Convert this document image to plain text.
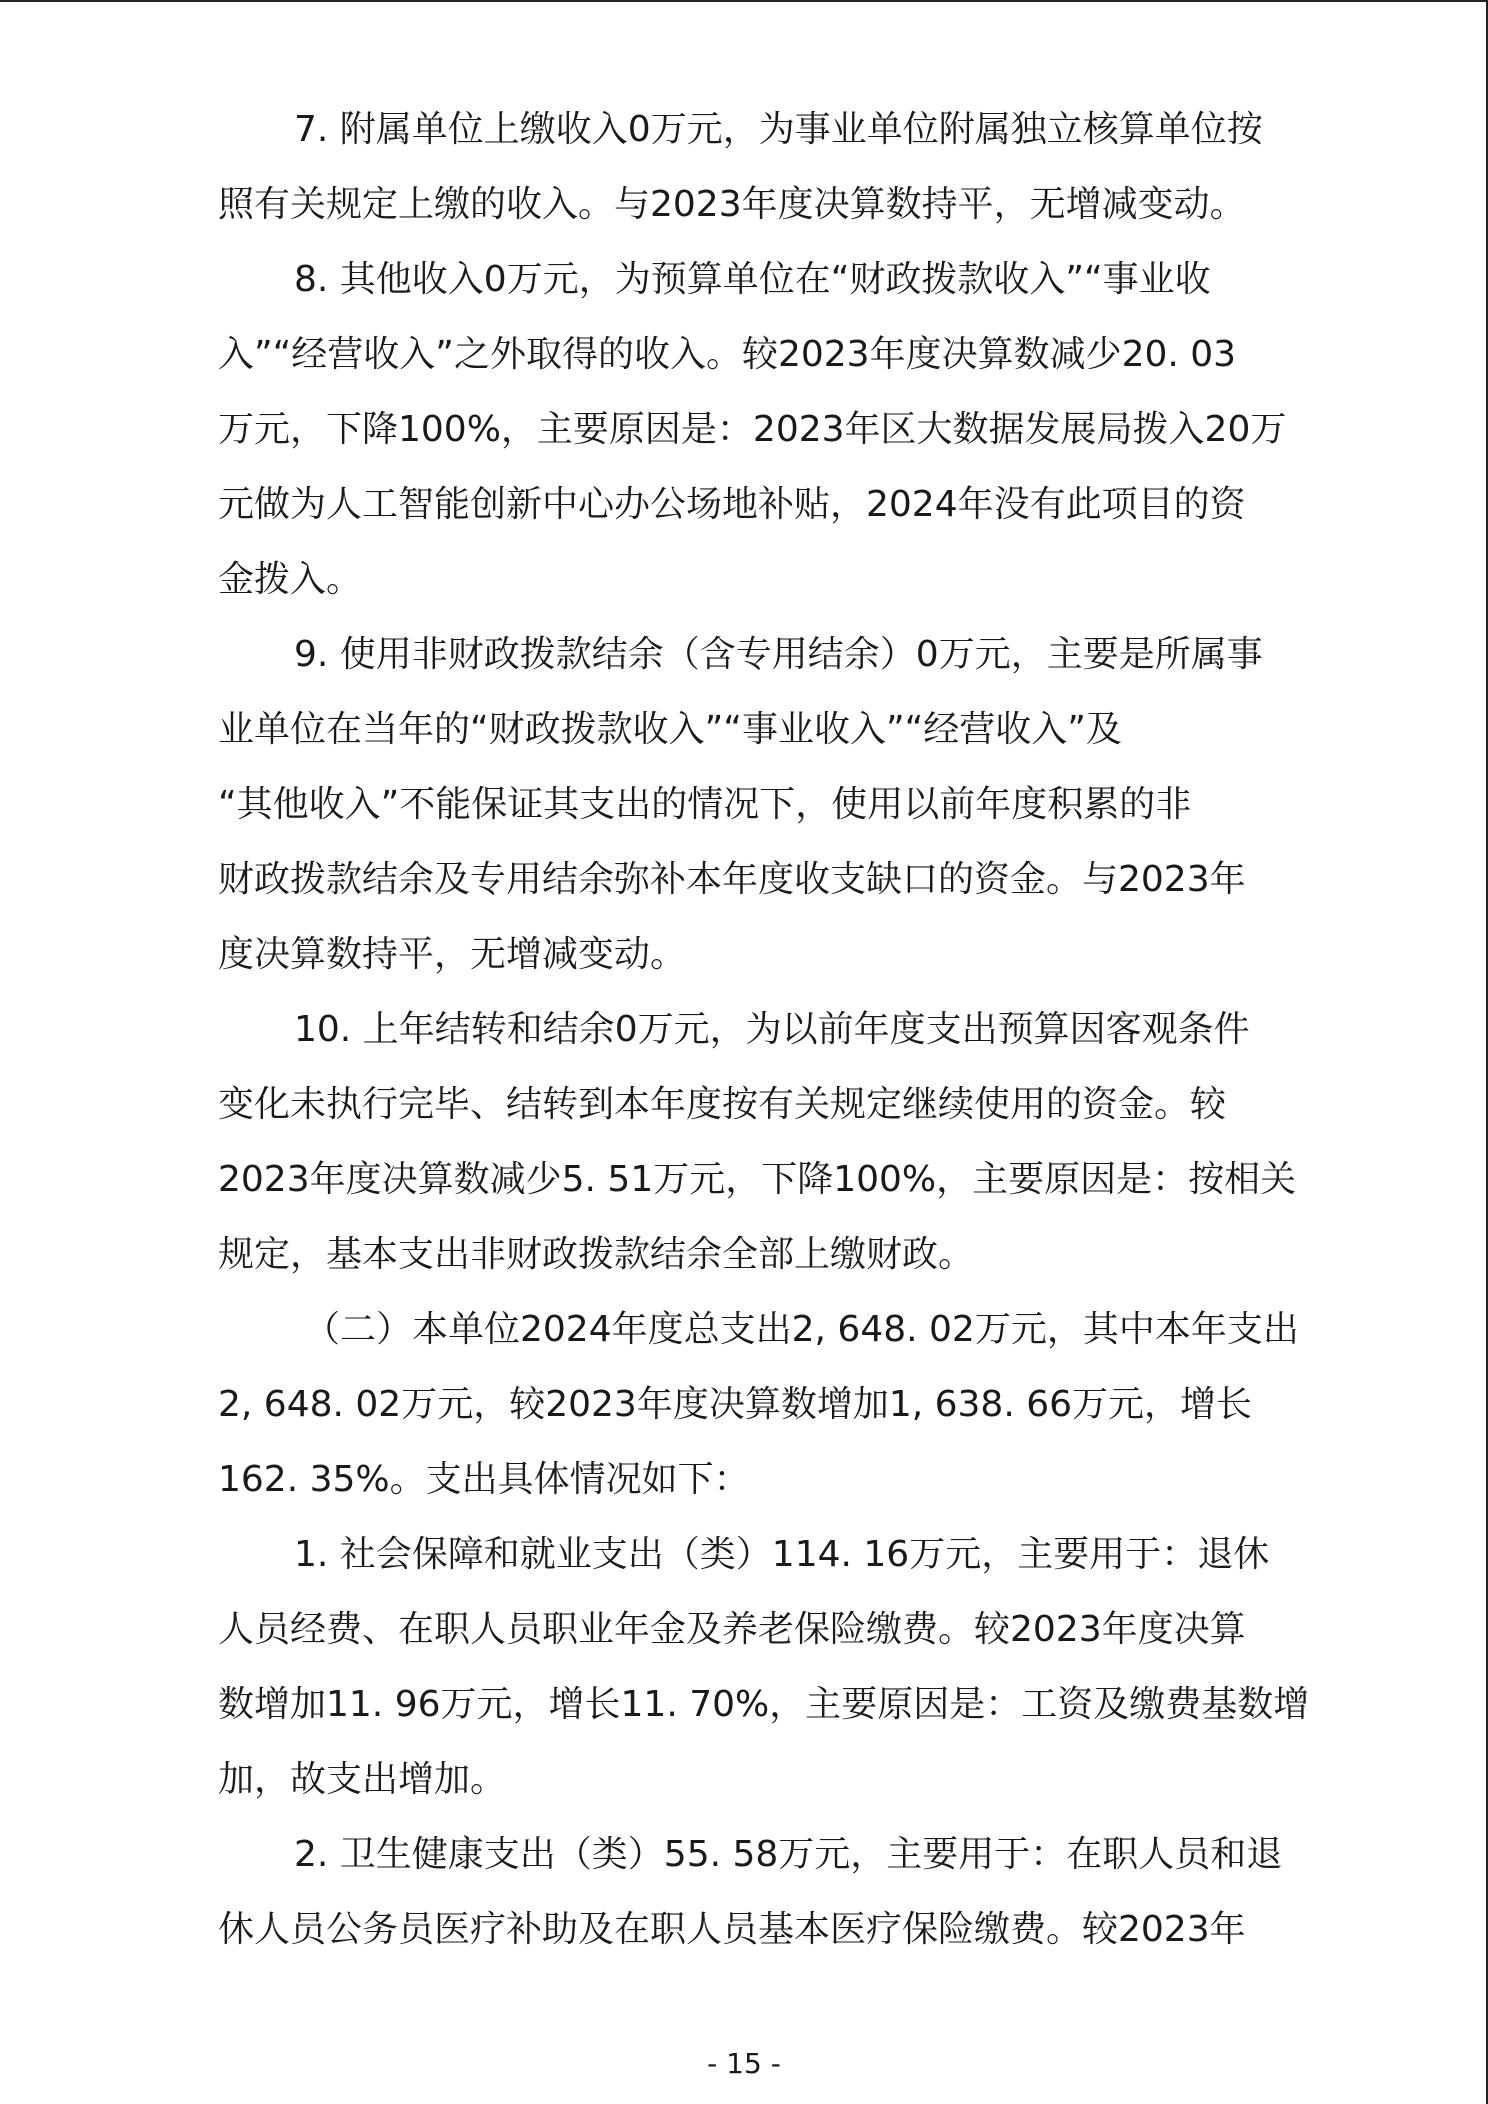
7. 附属单位上缴收入0万元，为事业单位附属独立核算单位按
照有关规定上缴的收入。与2023年度决算数持平，无增减变动。
8. 其他收入0万元，为预算单位在“财政拨款收入”“事业收
入”“经营收入”之外取得的收入。较2023年度决算数减少20. 03
万元，下降100%，主要原因是：2023年区大数据发展局拨入20万
元做为人工智能创新中心办公场地补贴，2024年没有此项目的资
金拨入。
9. 使用非财政拨款结余（含专用结余）0万元，主要是所属事
业单位在当年的“财政拨款收入”“事业收入”“经营收入”及
“其他收入”不能保证其支出的情况下，使用以前年度积累的非
财政拨款结余及专用结余弥补本年度收支缺口的资金。与2023年
度决算数持平，无增减变动。
10. 上年结转和结余0万元，为以前年度支出预算因客观条件
变化未执行完毕、结转到本年度按有关规定继续使用的资金。较
2023年度决算数减少5. 51万元，下降100%，主要原因是：按相关
规定，基本支出非财政拨款结余全部上缴财政。
（二）本单位2024年度总支出2, 648. 02万元，其中本年支出
2, 648. 02万元，较2023年度决算数增加1, 638. 66万元，增长
162. 35%。支出具体情况如下：
1. 社会保障和就业支出（类）114. 16万元，主要用于：退休
人员经费、在职人员职业年金及养老保险缴费。较2023年度决算
数增加11. 96万元，增长11. 70%，主要原因是：工资及缴费基数增
加，故支出增加。
2. 卫生健康支出（类）55. 58万元，主要用于：在职人员和退
休人员公务员医疗补助及在职人员基本医疗保险缴费。较2023年
- 15 -
